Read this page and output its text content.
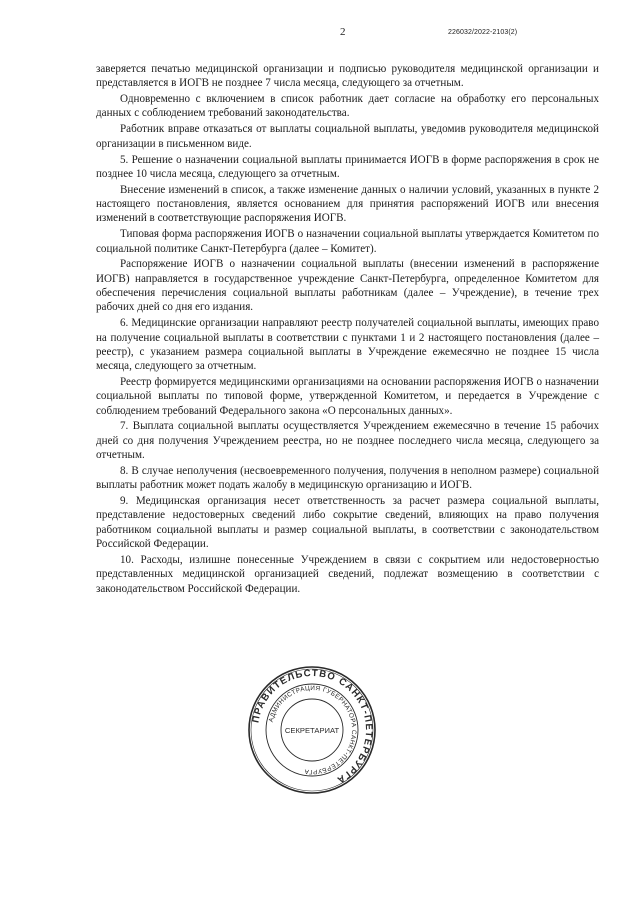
2	226032/2022-2103(2)

заверяется печатью медицинской организации и подписью руководителя медицинской организации и представляется в ИОГВ не позднее 7 числа месяца, следующего за отчетным.

Одновременно с включением в список работник дает согласие на обработку его персональных данных с соблюдением требований законодательства.

Работник вправе отказаться от выплаты социальной выплаты, уведомив руководителя медицинской организации в письменном виде.

5. Решение о назначении социальной выплаты принимается ИОГВ в форме распоряжения в срок не позднее 10 числа месяца, следующего за отчетным.

Внесение изменений в список, а также изменение данных о наличии условий, указанных в пункте 2 настоящего постановления, является основанием для принятия распоряжений ИОГВ или внесения изменений в соответствующие распоряжения ИОГВ.

Типовая форма распоряжения ИОГВ о назначении социальной выплаты утверждается Комитетом по социальной политике Санкт-Петербурга (далее – Комитет).

Распоряжение ИОГВ о назначении социальной выплаты (внесении изменений в распоряжение ИОГВ) направляется в государственное учреждение Санкт-Петербурга, определенное Комитетом для обеспечения перечисления социальной выплаты работникам (далее – Учреждение), в течение трех рабочих дней со дня его издания.

6. Медицинские организации направляют реестр получателей социальной выплаты, имеющих право на получение социальной выплаты в соответствии с пунктами 1 и 2 настоящего постановления (далее – реестр), с указанием размера социальной выплаты в Учреждение ежемесячно не позднее 15 числа месяца, следующего за отчетным.

Реестр формируется медицинскими организациями на основании распоряжения ИОГВ о назначении социальной выплаты по типовой форме, утвержденной Комитетом, и передается в Учреждение с соблюдением требований Федерального закона «О персональных данных».

7. Выплата социальной выплаты осуществляется Учреждением ежемесячно в течение 15 рабочих дней со дня получения Учреждением реестра, но не позднее последнего числа месяца, следующего за отчетным.

8. В случае неполучения (несвоевременного получения, получения в неполном размере) социальной выплаты работник может подать жалобу в медицинскую организацию и ИОГВ.

9. Медицинская организация несет ответственность за расчет размера социальной выплаты, представление недостоверных сведений либо сокрытие сведений, влияющих на право получения работником социальной выплаты и размер социальной выплаты, в соответствии с законодательством Российской Федерации.

10. Расходы, излишне понесенные Учреждением в связи с сокрытием или недостоверностью представленных медицинской организацией сведений, подлежат возмещению в соответствии с законодательством Российской Федерации.

ПРАВИТЕЛЬСТВО САНКТ-ПЕТЕРБУРГА
АДМИНИСТРАЦИЯ ГУБЕРНАТОРА САНКТ-ПЕТЕРБУРГА
СЕКРЕТАРИАТ
